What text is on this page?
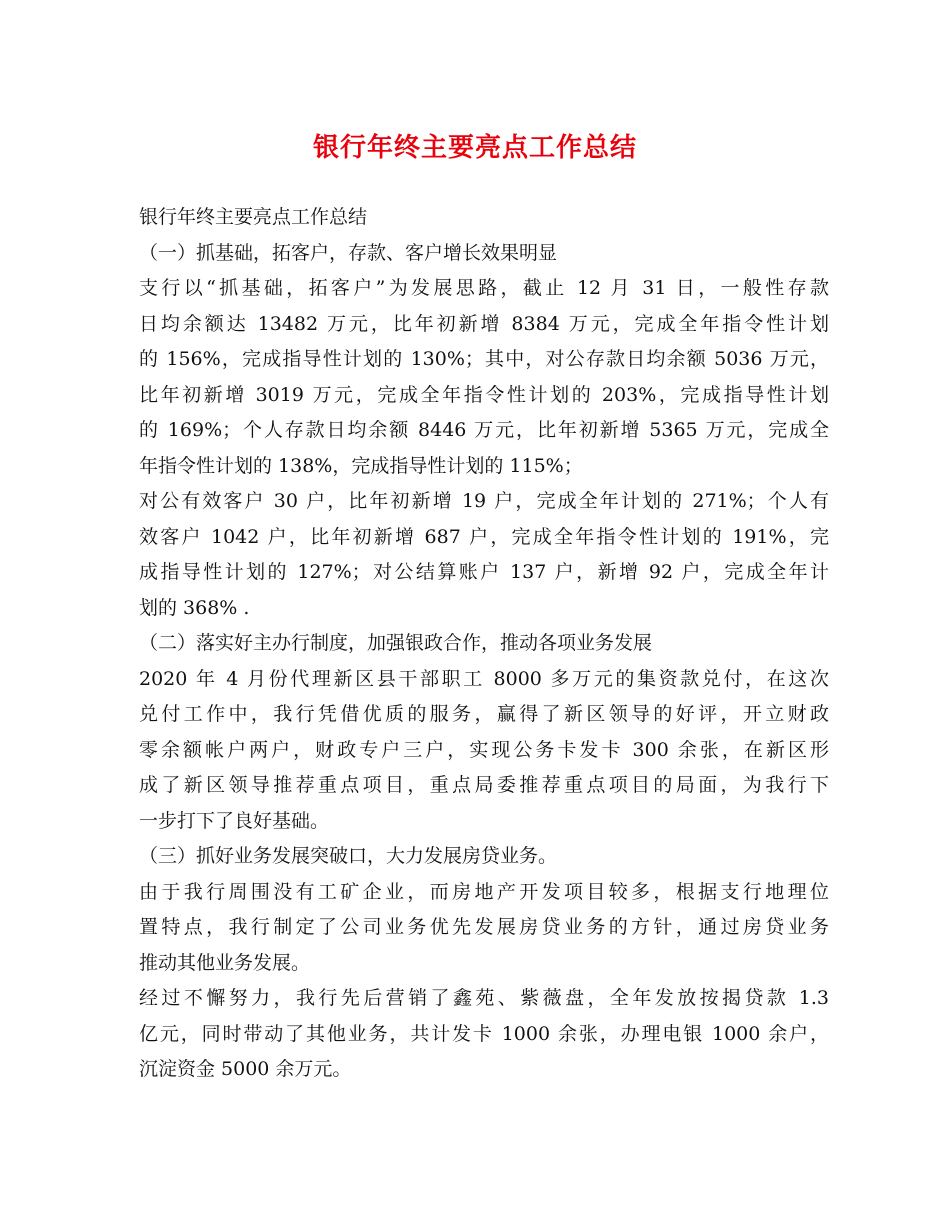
银行年终主要亮点工作总结
银行年终主要亮点工作总结
（一）抓基础，拓客户，存款、客户增长效果明显
支行以“抓基础，拓客户”为发展思路，截止 12 月 31 日，一般性存款
日均余额达 13482 万元，比年初新增 8384 万元，完成全年指令性计划
的 156%，完成指导性计划的 130%；其中，对公存款日均余额 5036 万元，
比年初新增 3019 万元，完成全年指令性计划的 203%，完成指导性计划
的 169%；个人存款日均余额 8446 万元，比年初新增 5365 万元，完成全
年指令性计划的 138%，完成指导性计划的 115%；
对公有效客户 30 户，比年初新增 19 户，完成全年计划的 271%；个人有
效客户 1042 户，比年初新增 687 户，完成全年指令性计划的 191%，完
成指导性计划的 127%；对公结算账户 137 户，新增 92 户，完成全年计
划的 368% .
（二）落实好主办行制度，加强银政合作，推动各项业务发展
2020 年 4 月份代理新区县干部职工 8000 多万元的集资款兑付，在这次
兑付工作中，我行凭借优质的服务，赢得了新区领导的好评，开立财政
零余额帐户两户，财政专户三户，实现公务卡发卡 300 余张，在新区形
成了新区领导推荐重点项目，重点局委推荐重点项目的局面，为我行下
一步打下了良好基础。
（三）抓好业务发展突破口，大力发展房贷业务。
由于我行周围没有工矿企业，而房地产开发项目较多，根据支行地理位
置特点，我行制定了公司业务优先发展房贷业务的方针，通过房贷业务
推动其他业务发展。
经过不懈努力，我行先后营销了鑫苑、紫薇盘，全年发放按揭贷款 1.3
亿元，同时带动了其他业务，共计发卡 1000 余张，办理电银 1000 余户，
沉淀资金 5000 余万元。
